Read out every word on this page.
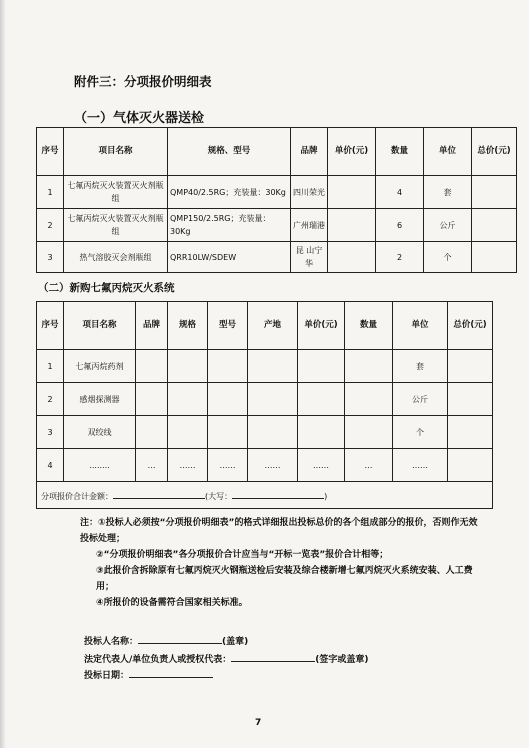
附件三：分项报价明细表
（一）气体灭火器送检
序号	项目名称	规格、型号	品牌	单价(元)	数量	单位	总价(元)
1	七氟丙烷灭火装置灭火剂瓶组	QMP40/2.5RG；充装量：30Kg	四川荣光		4	套	
2	七氟丙烷灭火装置灭火剂瓶组	QMP150/2.5RG；充装量：30Kg	广州瑞港		6	公斤	
3	热气溶胶灭会剂瓶组	QRR10LW/SDEW	昆 山宁华		2	个	
（二）新购七氟丙烷灭火系统
序号	项目名称	品牌	规格	型号	产地	单价(元)	数量	单位	总价(元)
1	七氟丙烷药剂							套	
2	感烟探测器							公斤	
3	双绞线							个	
4	........	…	……	……	……	……	…	……	
分项报价合计金额： (大写： )									

注：①投标人必须按“分项报价明细表”的格式详细报出投标总价的各个组成部分的报价，否则作无效投标处理；

②“分项报价明细表”各分项报价合计应当与“开标一览表”报价合计相等；

③此报价含拆除原有七氟丙烷灭火钢瓶送检后安装及综合楼新增七氟丙烷灭火系统安装、人工费用；

④所报价的设备需符合国家相关标准。

投标人名称：	(盖章)
法定代表人/单位负责人或授权代表：	(签字或盖章)
投标日期：
7
